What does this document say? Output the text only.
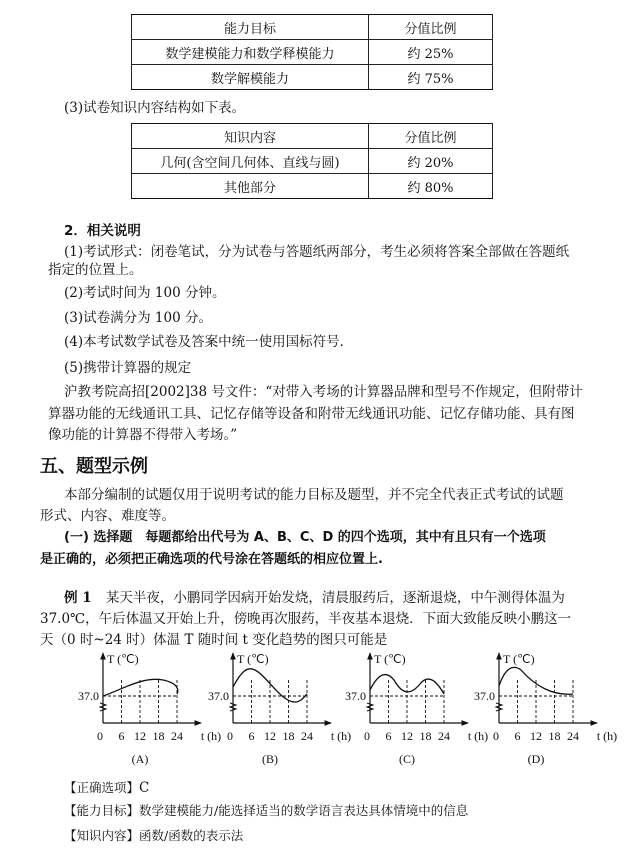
能力目标	分值比例
数学建模能力和数学释模能力	约 25%
数学解模能力	约 75%
(3)试卷知识内容结构如下表。
知识内容	分值比例
几何(含空间几何体、直线与圆)	约 20%
其他部分	约 80%
2．相关说明
(1)考试形式：闭卷笔试，分为试卷与答题纸两部分，考生必须将答案全部做在答题纸
指定的位置上。
(2)考试时间为 100 分钟。
(3)试卷满分为 100 分。
(4)本考试数学试卷及答案中统一使用国标符号．
(5)携带计算器的规定
沪教考院高招[2002]38 号文件：“对带入考场的计算器品牌和型号不作规定，但附带计
算器功能的无线通讯工具、记忆存储等设备和附带无线通讯功能、记忆存储功能、具有图
像功能的计算器不得带入考场。”
五、题型示例
本部分编制的试题仅用于说明考试的能力目标及题型，并不完全代表正式考试的试题
形式、内容、难度等。
(一) 选择题　每题都给出代号为 A、B、C、D 的四个选项，其中有且只有一个选项
是正确的，必须把正确选项的代号涂在答题纸的相应位置上.
例 1 某天半夜，小鹏同学因病开始发烧，清晨服药后，逐渐退烧，中午测得体温为
37.0℃，午后体温又开始上升，傍晚再次服药，半夜基本退烧．下面大致能反映小鹏这一
天（0 时~24 时）体温 T 随时间 t 变化趋势的图只可能是
T (℃)
37.0
0 6 12 18 24 t (h)
(A)
T (℃)
37.0
0 6 12 18 24 t (h)
(B)
T (℃)
37.0
0 6 12 18 24 t (h)
(C)
T (℃)
37.0
0 6 12 18 24 t (h)
(D)
【正确选项】C
【能力目标】数学建模能力/能选择适当的数学语言表达具体情境中的信息
【知识内容】函数/函数的表示法
